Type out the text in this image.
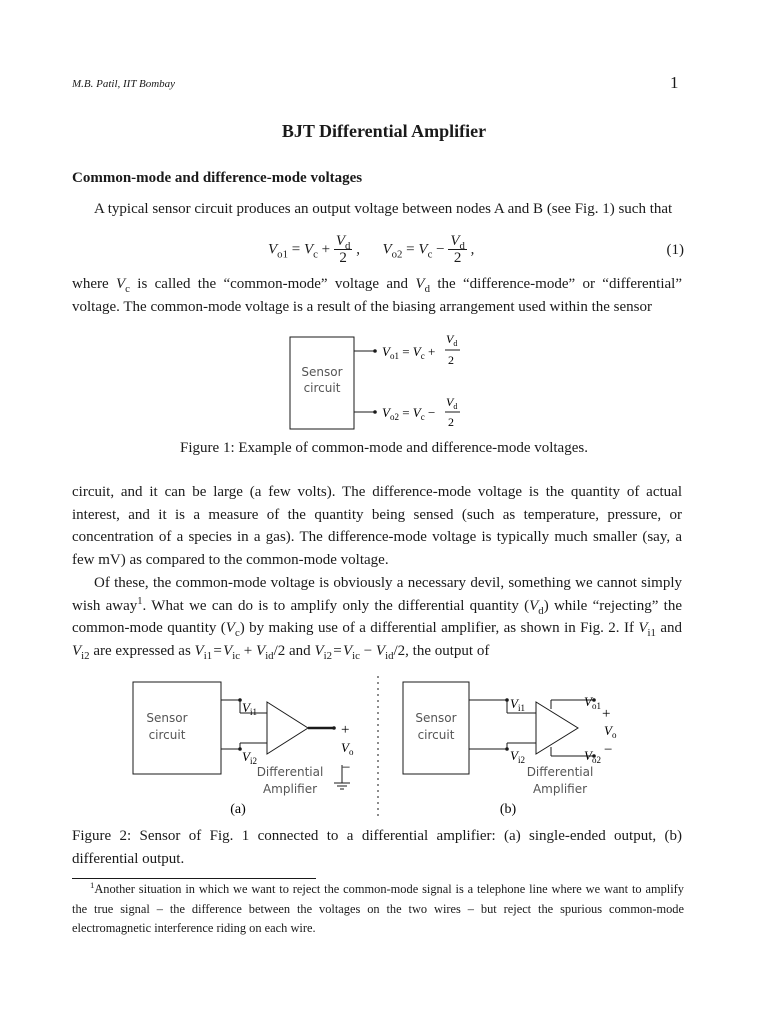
M.B. Patil, IIT Bombay	1
BJT Differential Amplifier
Common-mode and difference-mode voltages
A typical sensor circuit produces an output voltage between nodes A and B (see Fig. 1) such that
$V_{o1} = V_c + \frac{V_d}{2}$ ,      $V_{o2} = V_c - \frac{V_d}{2}$ ,	(1)
where $V_c$ is called the “common-mode” voltage and $V_d$ the “difference-mode” or “differential” voltage. The common-mode voltage is a result of the biasing arrangement used within the sensor
Sensor
circuit
$V_{o1} = V_c$ +
$V_d$
2
$V_{o2} = V_c$ −
$V_d$
2
Figure 1: Example of common-mode and difference-mode voltages.
circuit, and it can be large (a few volts). The difference-mode voltage is the quantity of actual interest, and it is a measure of the quantity being sensed (such as temperature, pressure, or concentration of a species in a gas). The difference-mode voltage is typically much smaller (say, a few mV) as compared to the common-mode voltage.
Of these, the common-mode voltage is obviously a necessary devil, something we cannot simply wish away$^1$. What we can do is to amplify only the differential quantity $(V_d)$ while “rejecting” the common-mode quantity $(V_c)$ by making use of a differential amplifier, as shown in Fig. 2. If $V_{i1}$ and $V_{i2}$ are expressed as $V_{i1}$ = $V_{ic} + V_{id}/2$ and $V_{i2}$ = $V_{ic} - V_{id}/2$, the output of
Sensor
circuit
$V_{i1}$
$V_{i2}$
+
$V_o$
−
Differential
Amplifier
(a)
Sensor
circuit
$V_{i1}$
$V_{i2}$
$V_{o1}$
$V_{o2}$
+
$V_o$
−
Differential
Amplifier
(b)
Figure 2: Sensor of Fig. 1 connected to a differential amplifier: (a) single-ended output, (b) differential output.
$^1$Another situation in which we want to reject the common-mode signal is a telephone line where we want to amplify the true signal – the difference between the voltages on the two wires – but reject the spurious common-mode electromagnetic interference riding on each wire.
